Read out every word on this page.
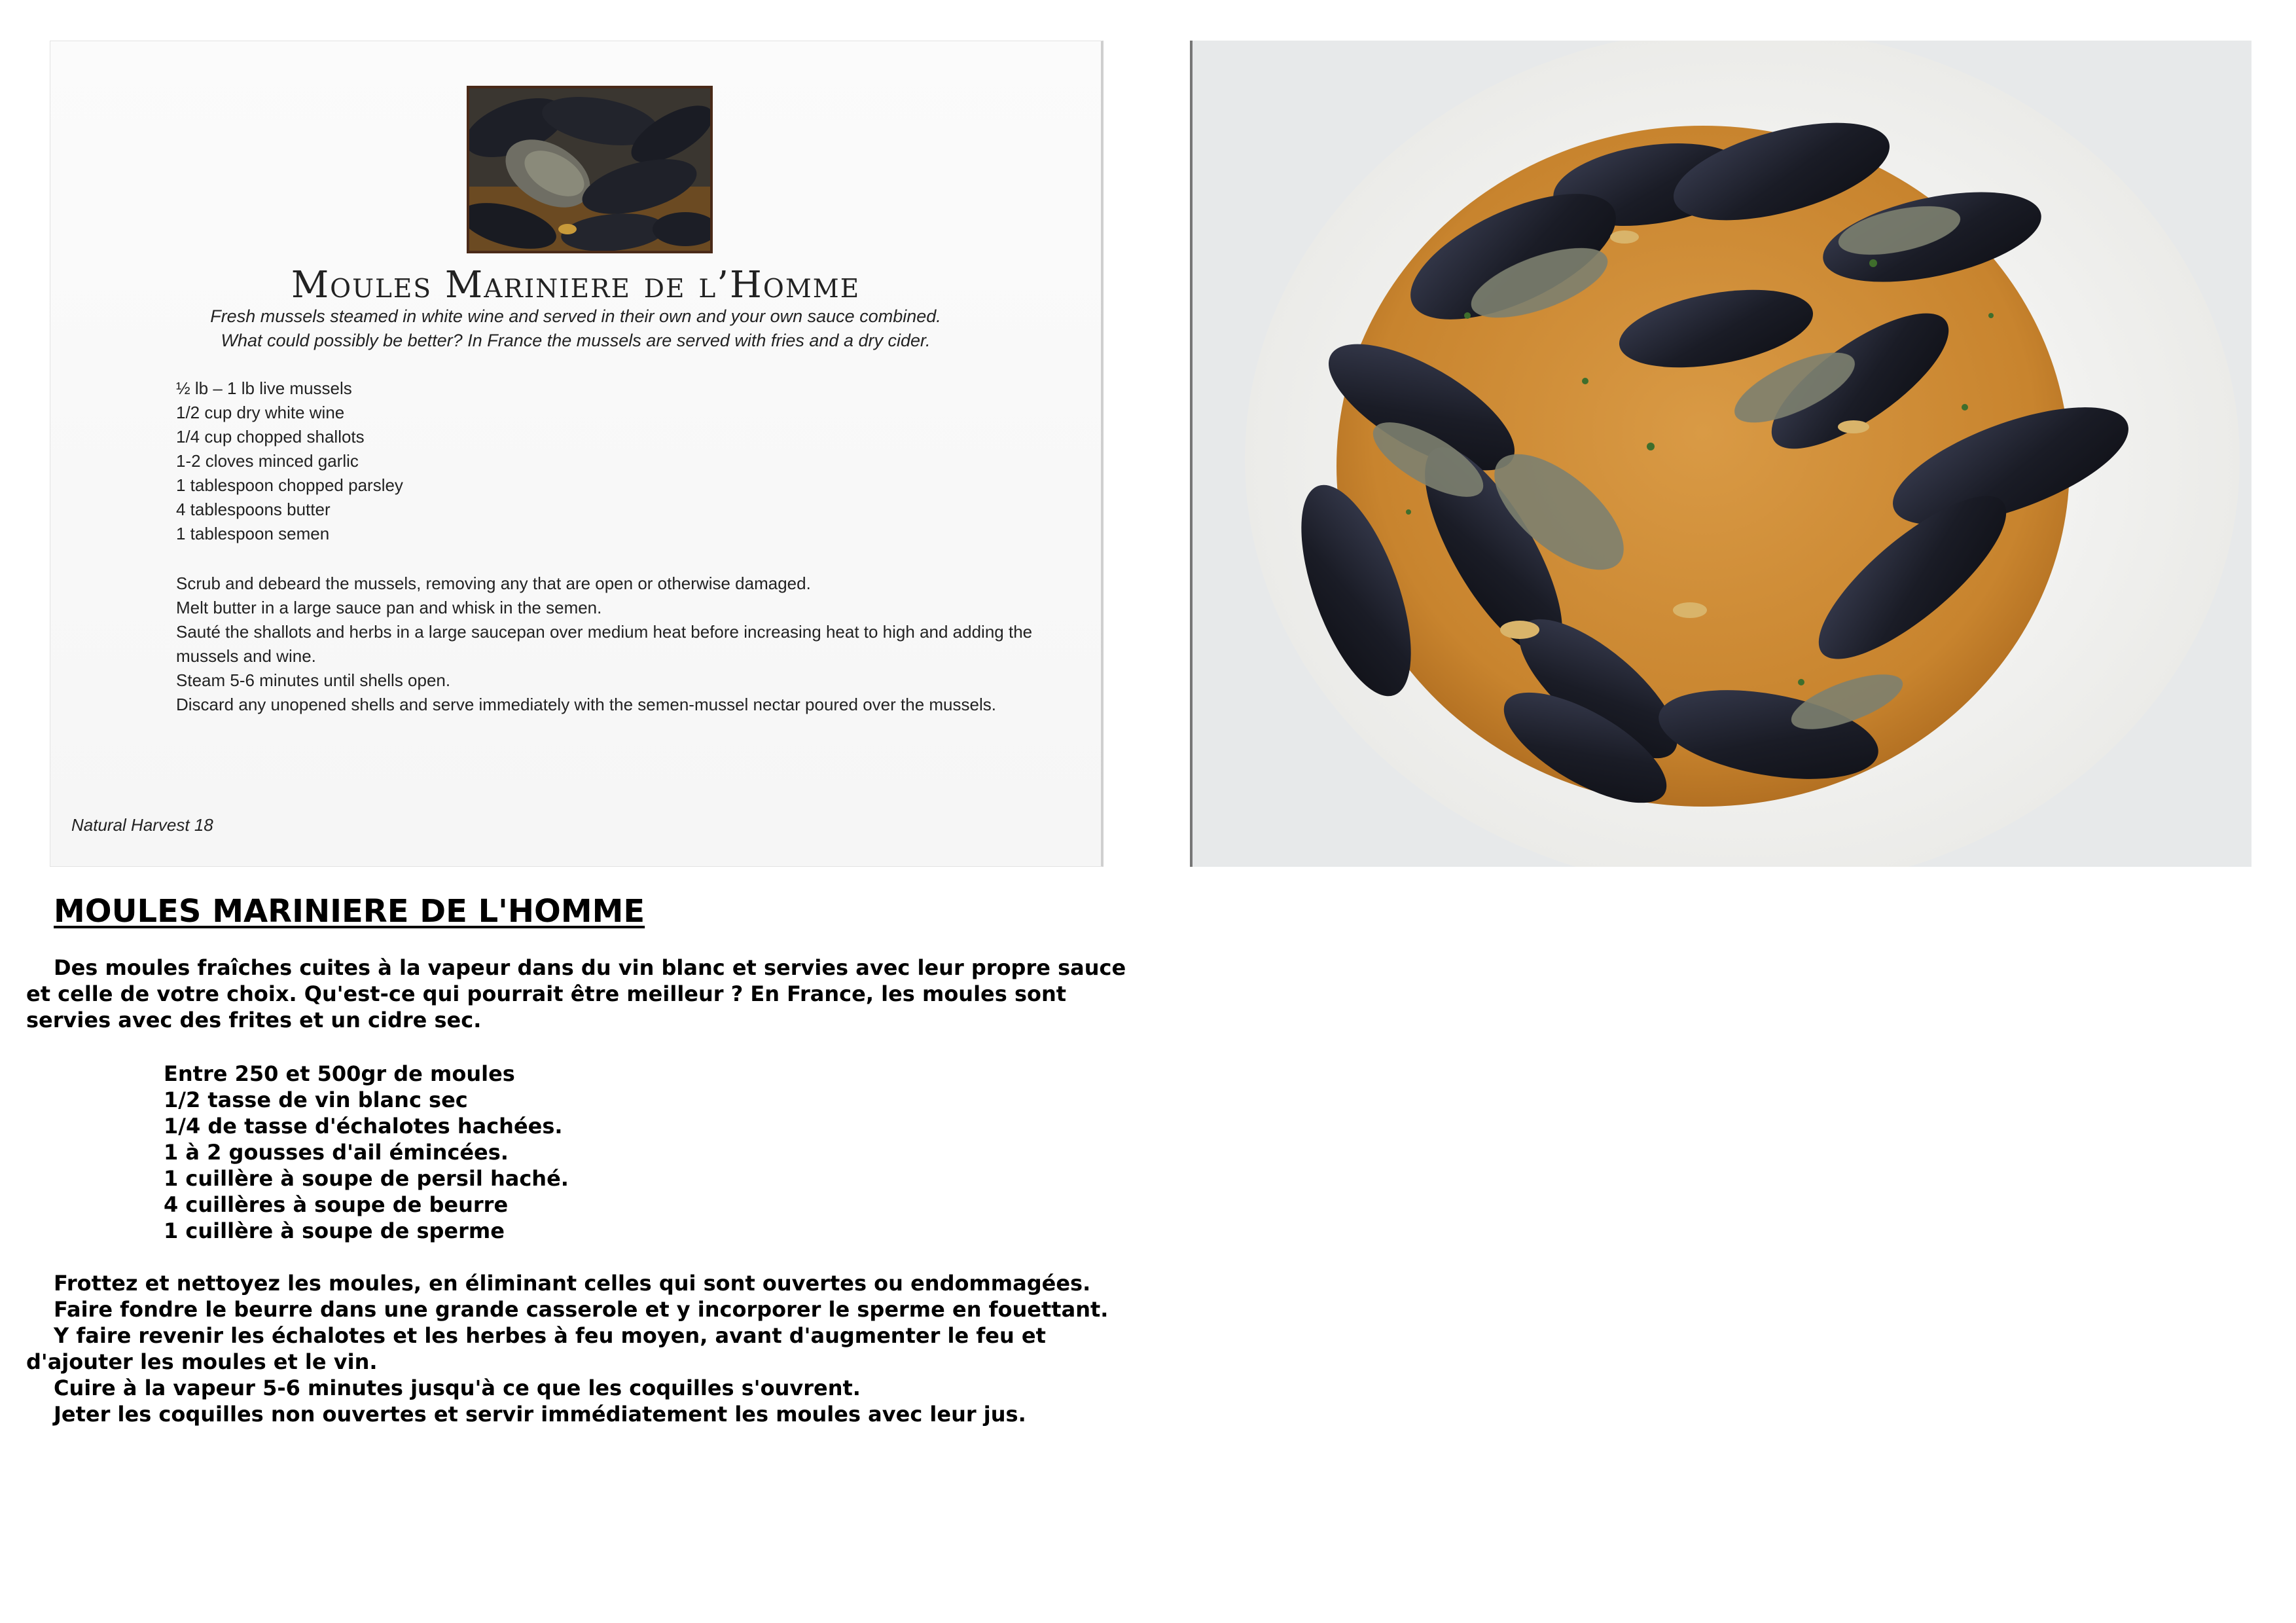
Moules Mariniere de l’Homme
Fresh mussels steamed in white wine and served in their own and your own sauce combined.
What could possibly be better? In France the mussels are served with fries and a dry cider.
½ lb – 1 lb live mussels
1/2 cup dry white wine
1/4 cup chopped shallots
1-2 cloves minced garlic
1 tablespoon chopped parsley
4 tablespoons butter
1 tablespoon semen
Scrub and debeard the mussels, removing any that are open or otherwise damaged.
Melt butter in a large sauce pan and whisk in the semen.
Sauté the shallots and herbs in a large saucepan over medium heat before increasing heat to high and adding the mussels and wine.
Steam 5-6 minutes until shells open.
Discard any unopened shells and serve immediately with the semen-mussel nectar poured over the mussels.
Natural Harvest 18
MOULES MARINIERE DE L'HOMME

Des moules fraîches cuites à la vapeur dans du vin blanc et servies avec leur propre sauce et celle de votre choix. Qu'est-ce qui pourrait être meilleur ? En France, les moules sont servies avec des frites et un cidre sec.

Entre 250 et 500gr de moules
1/2 tasse de vin blanc sec
1/4 de tasse d'échalotes hachées.
1 à 2 gousses d'ail émincées.
1 cuillère à soupe de persil haché.
4 cuillères à soupe de beurre
1 cuillère à soupe de sperme
Frottez et nettoyez les moules, en éliminant celles qui sont ouvertes ou endommagées.
Faire fondre le beurre dans une grande casserole et y incorporer le sperme en fouettant.
Y faire revenir les échalotes et les herbes à feu moyen, avant d'augmenter le feu et d'ajouter les moules et le vin.
Cuire à la vapeur 5-6 minutes jusqu'à ce que les coquilles s'ouvrent.
Jeter les coquilles non ouvertes et servir immédiatement les moules avec leur jus.
